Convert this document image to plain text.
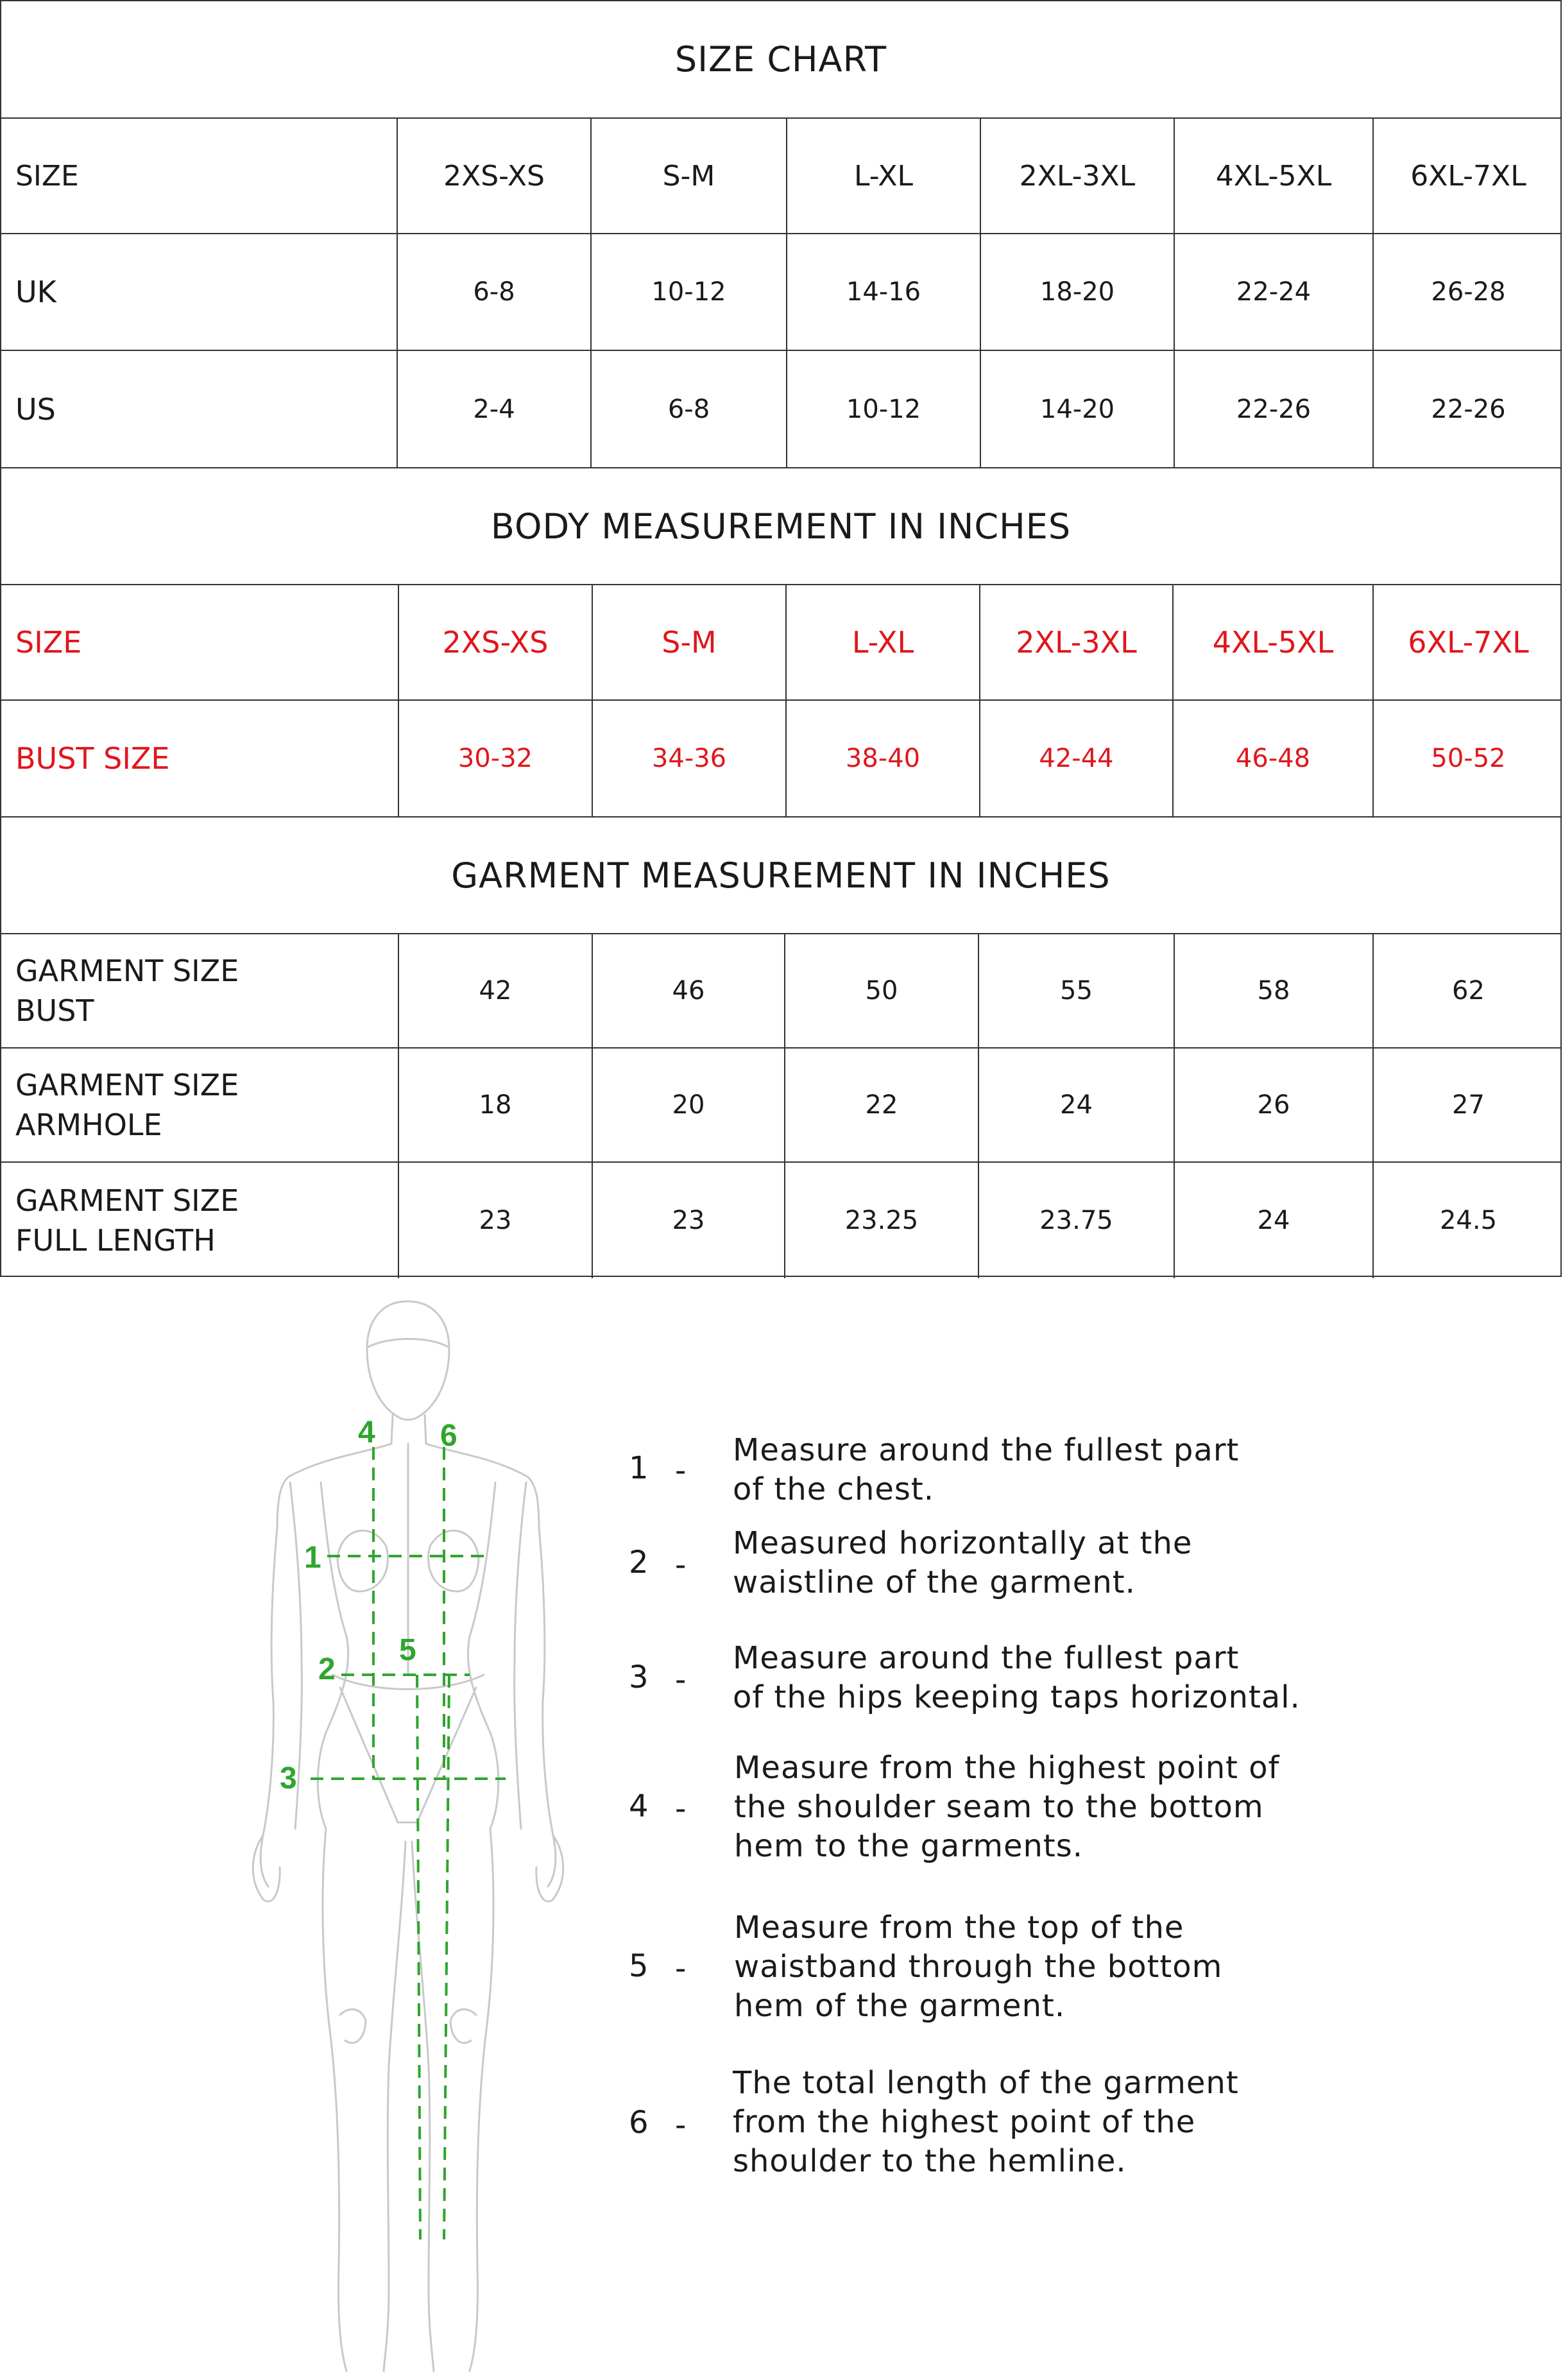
SIZE CHART
SIZE	2XS-XS	S-M	L-XL	2XL-3XL	4XL-5XL	6XL-7XL
UK	6-8	10-12	14-16	18-20	22-24	26-28
US	2-4	6-8	10-12	14-20	22-26	22-26
BODY MEASUREMENT IN INCHES
SIZE	2XS-XS	S-M	L-XL	2XL-3XL	4XL-5XL	6XL-7XL
BUST SIZE	30-32	34-36	38-40	42-44	46-48	50-52
GARMENT MEASUREMENT IN INCHES
GARMENT SIZE
BUST
42	46	50	55	58	62
GARMENT SIZE
ARMHOLE
18	20	22	24	26	27
GARMENT SIZE
FULL LENGTH
23	23	23.25	23.75	24	24.5
4 6
1
2
5
3
1 -
Measure around the fullest part
of the chest.
2 -
Measured horizontally at the
waistline of the garment.
3 -
Measure around the fullest part
of the hips keeping taps horizontal.
4 -
Measure from the highest point of
the shoulder seam to the bottom
hem to the garments.
5 -
Measure from the top of the
waistband through the bottom
hem of the garment.
6 -
The total length of the garment
from the highest point of the
shoulder to the hemline.
